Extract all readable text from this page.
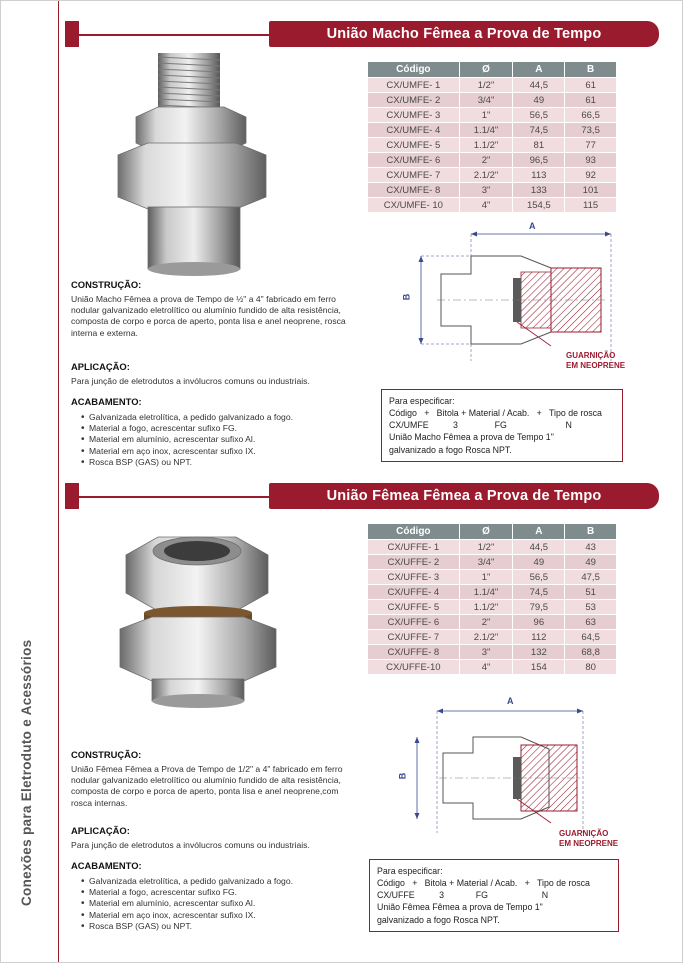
Conexões para Eletroduto e Acessórios
União Macho Fêmea a Prova de Tempo
Código	Ø	A	B
CX/UMFE- 1	1/2"	44,5	61
CX/UMFE- 2	3/4"	49	61
CX/UMFE- 3	1"	56,5	66,5
CX/UMFE- 4	1.1/4"	74,5	73,5
CX/UMFE- 5	1.1/2"	81	77
CX/UMFE- 6	2"	96,5	93
CX/UMFE- 7	2.1/2"	113	92
CX/UMFE- 8	3"	133	101
CX/UMFE- 10	4"	154,5	115
A
B
GUARNIÇÃO
EM NEOPRENE
CONSTRUÇÃO:
União Macho Fêmea a prova de Tempo de ½" a 4" fabricado em ferro nodular galvanizado eletrolítico ou alumínio fundido de alta resistência, composta de corpo e porca de aperto, ponta lisa e anel neoprene, rosca interna e externa.
APLICAÇÃO:
Para junção de eletrodutos a invólucros comuns ou industriais.
ACABAMENTO:
• Galvanizada eletrolítica, a pedido galvanizado a fogo.
• Material a fogo, acrescentar sufixo FG.
• Material em alumínio, acrescentar sufixo Al.
• Material em aço inox, acrescentar sufixo IX.
• Rosca BSP (GAS) ou NPT.
Para especificar:
Código   +   Bitola + Material / Acab.   +   Tipo de rosca
CX/UMFE          3               FG                        N
União Macho Fêmea a prova de Tempo 1"
galvanizado a fogo Rosca NPT.
União Fêmea Fêmea a Prova de Tempo
Código	Ø	A	B
CX/UFFE- 1	1/2"	44,5	43
CX/UFFE- 2	3/4"	49	49
CX/UFFE- 3	1"	56,5	47,5
CX/UFFE- 4	1.1/4"	74,5	51
CX/UFFE- 5	1.1/2"	79,5	53
CX/UFFE- 6	2"	96	63
CX/UFFE- 7	2.1/2"	112	64,5
CX/UFFE- 8	3"	132	68,8
CX/UFFE-10	4"	154	80
A
B
GUARNIÇÃO
EM NEOPRENE
CONSTRUÇÃO:
União Fêmea Fêmea a Prova de Tempo de 1/2" a 4" fabricado em ferro nodular galvanizado eletrolítico ou alumínio fundido de alta resistência, composta de corpo e porca de aperto, ponta lisa e anel neoprene,com rosca internas.
APLICAÇÃO:
Para junção de eletrodutos a invólucros comuns ou industriais.
ACABAMENTO:
• Galvanizada eletrolítica, a pedido galvanizado a fogo.
• Material a fogo, acrescentar sufixo FG.
• Material em alumínio, acrescentar sufixo Al.
• Material em aço inox, acrescentar sufixo IX.
• Rosca BSP (GAS) ou NPT.
Para especificar:
Código   +   Bitola + Material / Acab.   +   Tipo de rosca
CX/UFFE          3             FG                      N
União Fêmea Fêmea a prova de Tempo 1"
galvanizado a fogo Rosca NPT.
